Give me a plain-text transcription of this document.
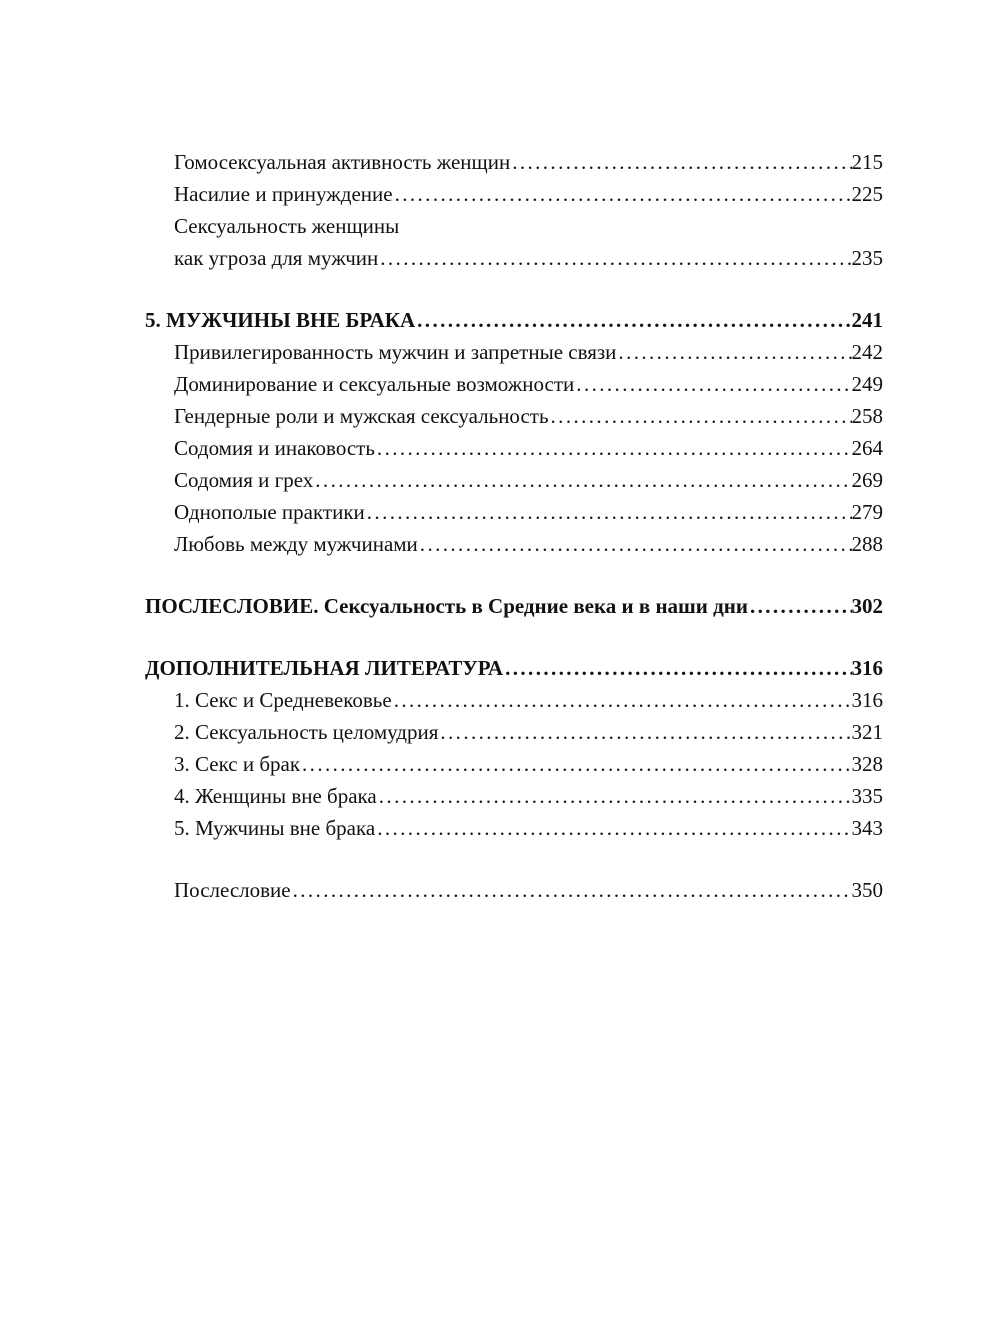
Гомосексуальная активность женщин .....	215
Насилие и принуждение .....	225
Сексуальность женщины
как угроза для мужчин .....	235
5. МУЖЧИНЫ ВНЕ БРАКА .....	241
Привилегированность мужчин и запретные связи .....	242
Доминирование и сексуальные возможности .....	249
Гендерные роли и мужская сексуальность .....	258
Содомия и инаковость .....	264
Содомия и грех .....	269
Однополые практики .....	279
Любовь между мужчинами .....	288
ПОСЛЕСЛОВИЕ. Сексуальность в Средние века и в наши дни .....	302
ДОПОЛНИТЕЛЬНАЯ ЛИТЕРАТУРА .....	316
1. Секс и Средневековье .....	316
2. Сексуальность целомудрия .....	321
3. Секс и брак .....	328
4. Женщины вне брака .....	335
5. Мужчины вне брака .....	343
Послесловие .....	350
